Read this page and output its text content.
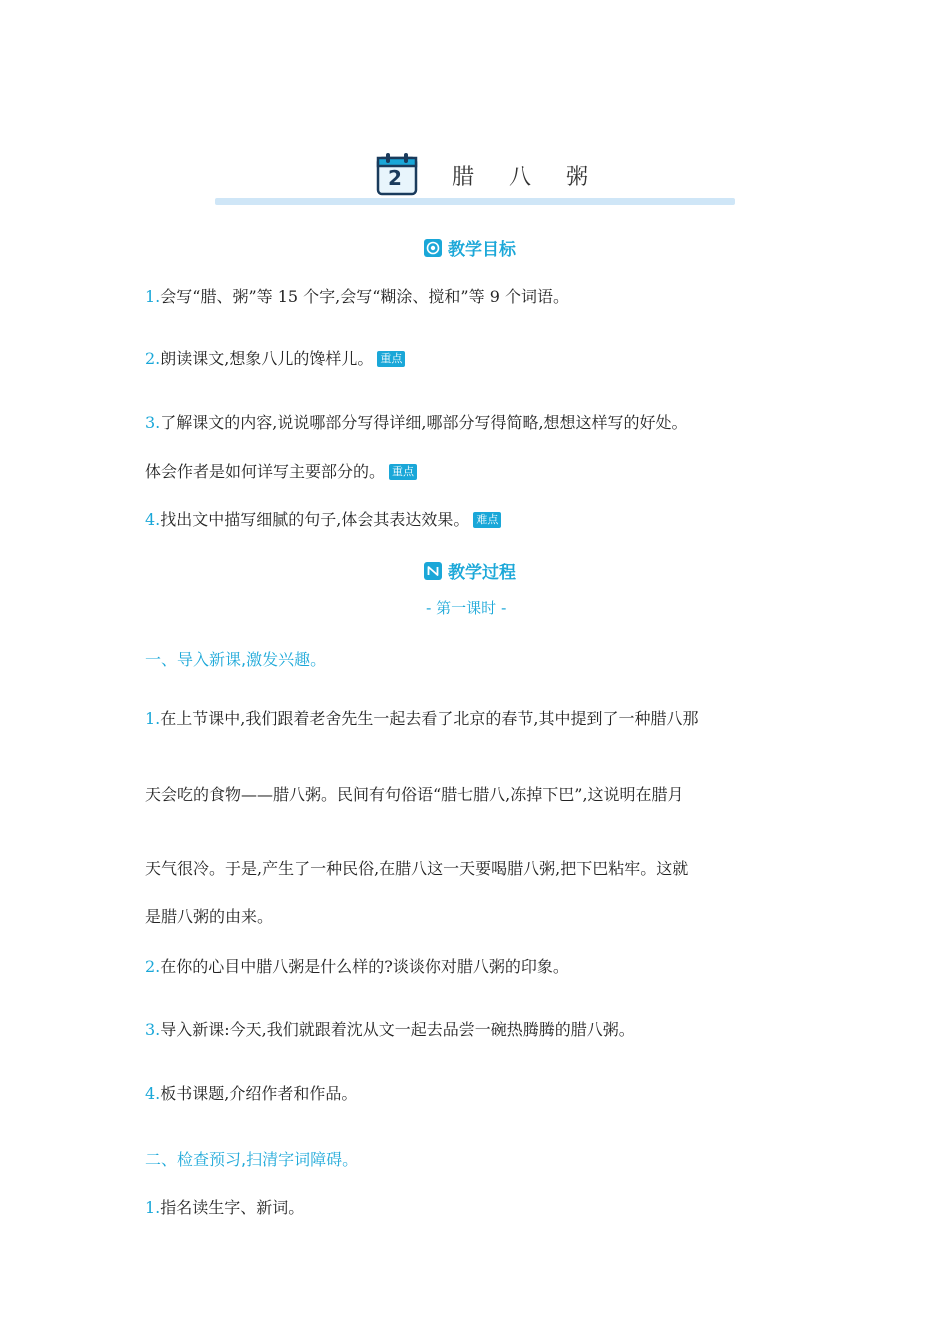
2 腊 八 粥
教学目标
1.会写“腊、粥”等 15 个字,会写“糊涂、搅和”等 9 个词语。
2.朗读课文,想象八儿的馋样儿。 重点
3.了解课文的内容,说说哪部分写得详细,哪部分写得简略,想想这样写的好处。
体会作者是如何详写主要部分的。 重点
4.找出文中描写细腻的句子,体会其表达效果。 难点
教学过程
- 第一课时 -
一、导入新课,激发兴趣。
1.在上节课中,我们跟着老舍先生一起去看了北京的春节,其中提到了一种腊八那
天会吃的食物——腊八粥。民间有句俗语“腊七腊八,冻掉下巴”,这说明在腊月
天气很冷。于是,产生了一种民俗,在腊八这一天要喝腊八粥,把下巴粘牢。这就
是腊八粥的由来。
2.在你的心目中腊八粥是什么样的?谈谈你对腊八粥的印象。
3.导入新课:今天,我们就跟着沈从文一起去品尝一碗热腾腾的腊八粥。
4.板书课题,介绍作者和作品。
二、检查预习,扫清字词障碍。
1.指名读生字、新词。
